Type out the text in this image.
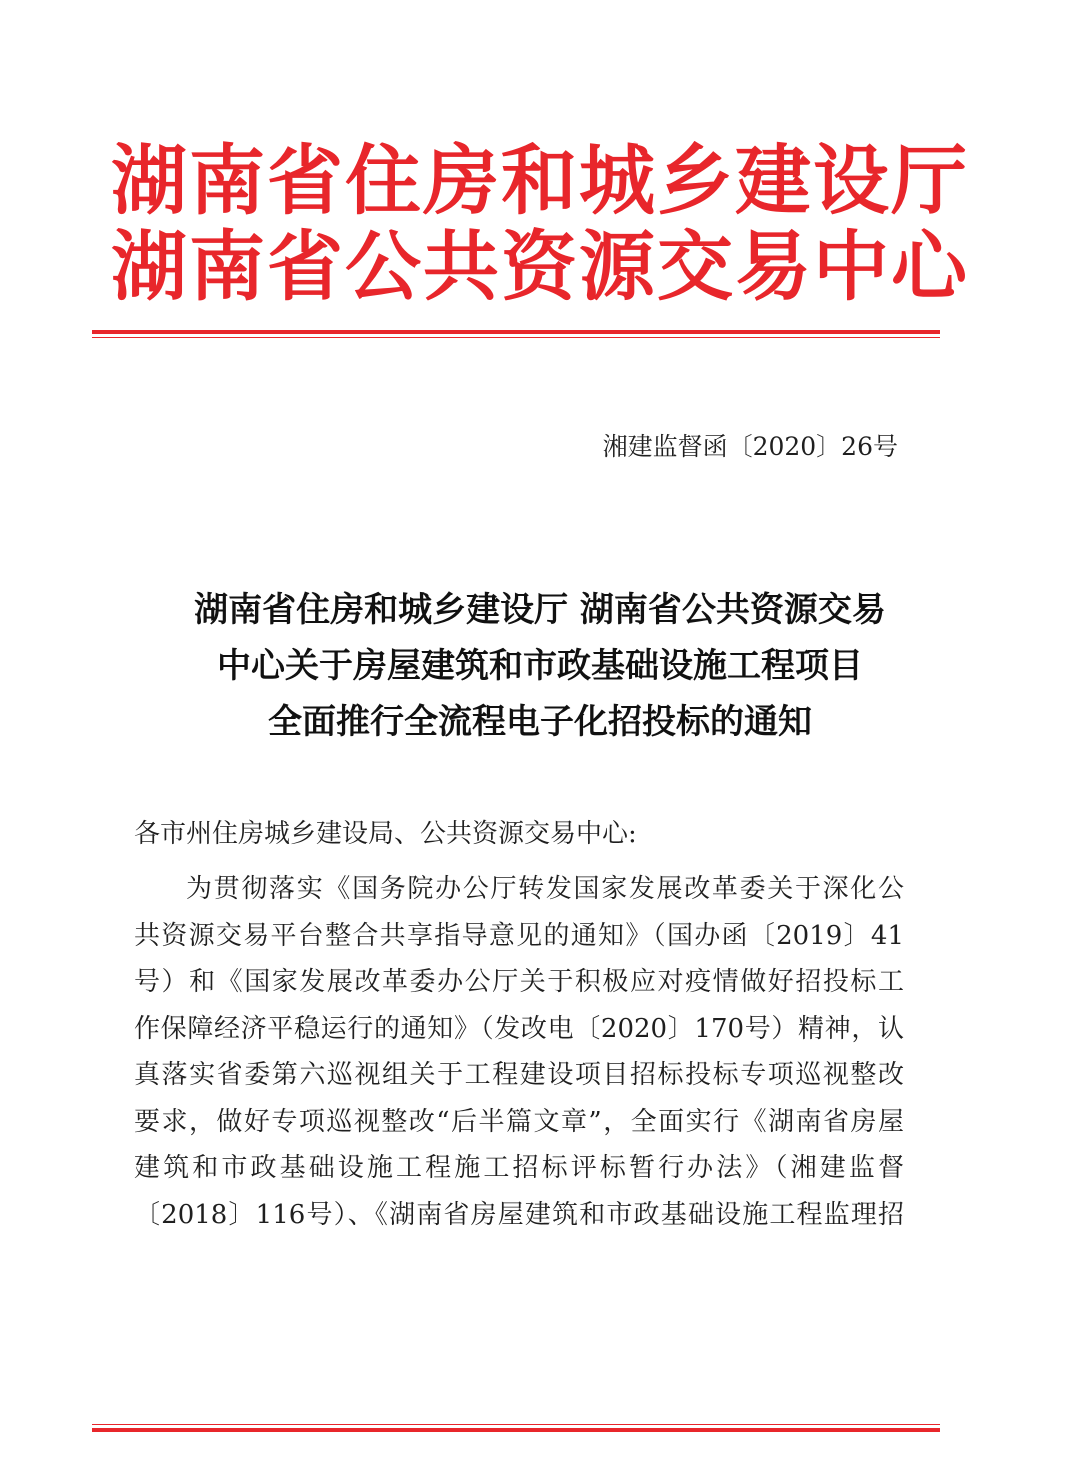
湖南省住房和城乡建设厅
湖南省公共资源交易中心
湘建监督函〔2020〕26号
湖南省住房和城乡建设厅 湖南省公共资源交易
中心关于房屋建筑和市政基础设施工程项目
全面推行全流程电子化招投标的通知
各市州住房城乡建设局、公共资源交易中心:
为贯彻落实《国务院办公厅转发国家发展改革委关于深化公
共资源交易平台整合共享指导意见的通知》（国办函〔2019〕41
号）和《国家发展改革委办公厅关于积极应对疫情做好招投标工
作保障经济平稳运行的通知》（发改电〔2020〕170号）精神，认
真落实省委第六巡视组关于工程建设项目招标投标专项巡视整改
要求，做好专项巡视整改“后半篇文章”，全面实行《湖南省房屋
建筑和市政基础设施工程施工招标评标暂行办法》（湘建监督
〔2018〕116号）、《湖南省房屋建筑和市政基础设施工程监理招
